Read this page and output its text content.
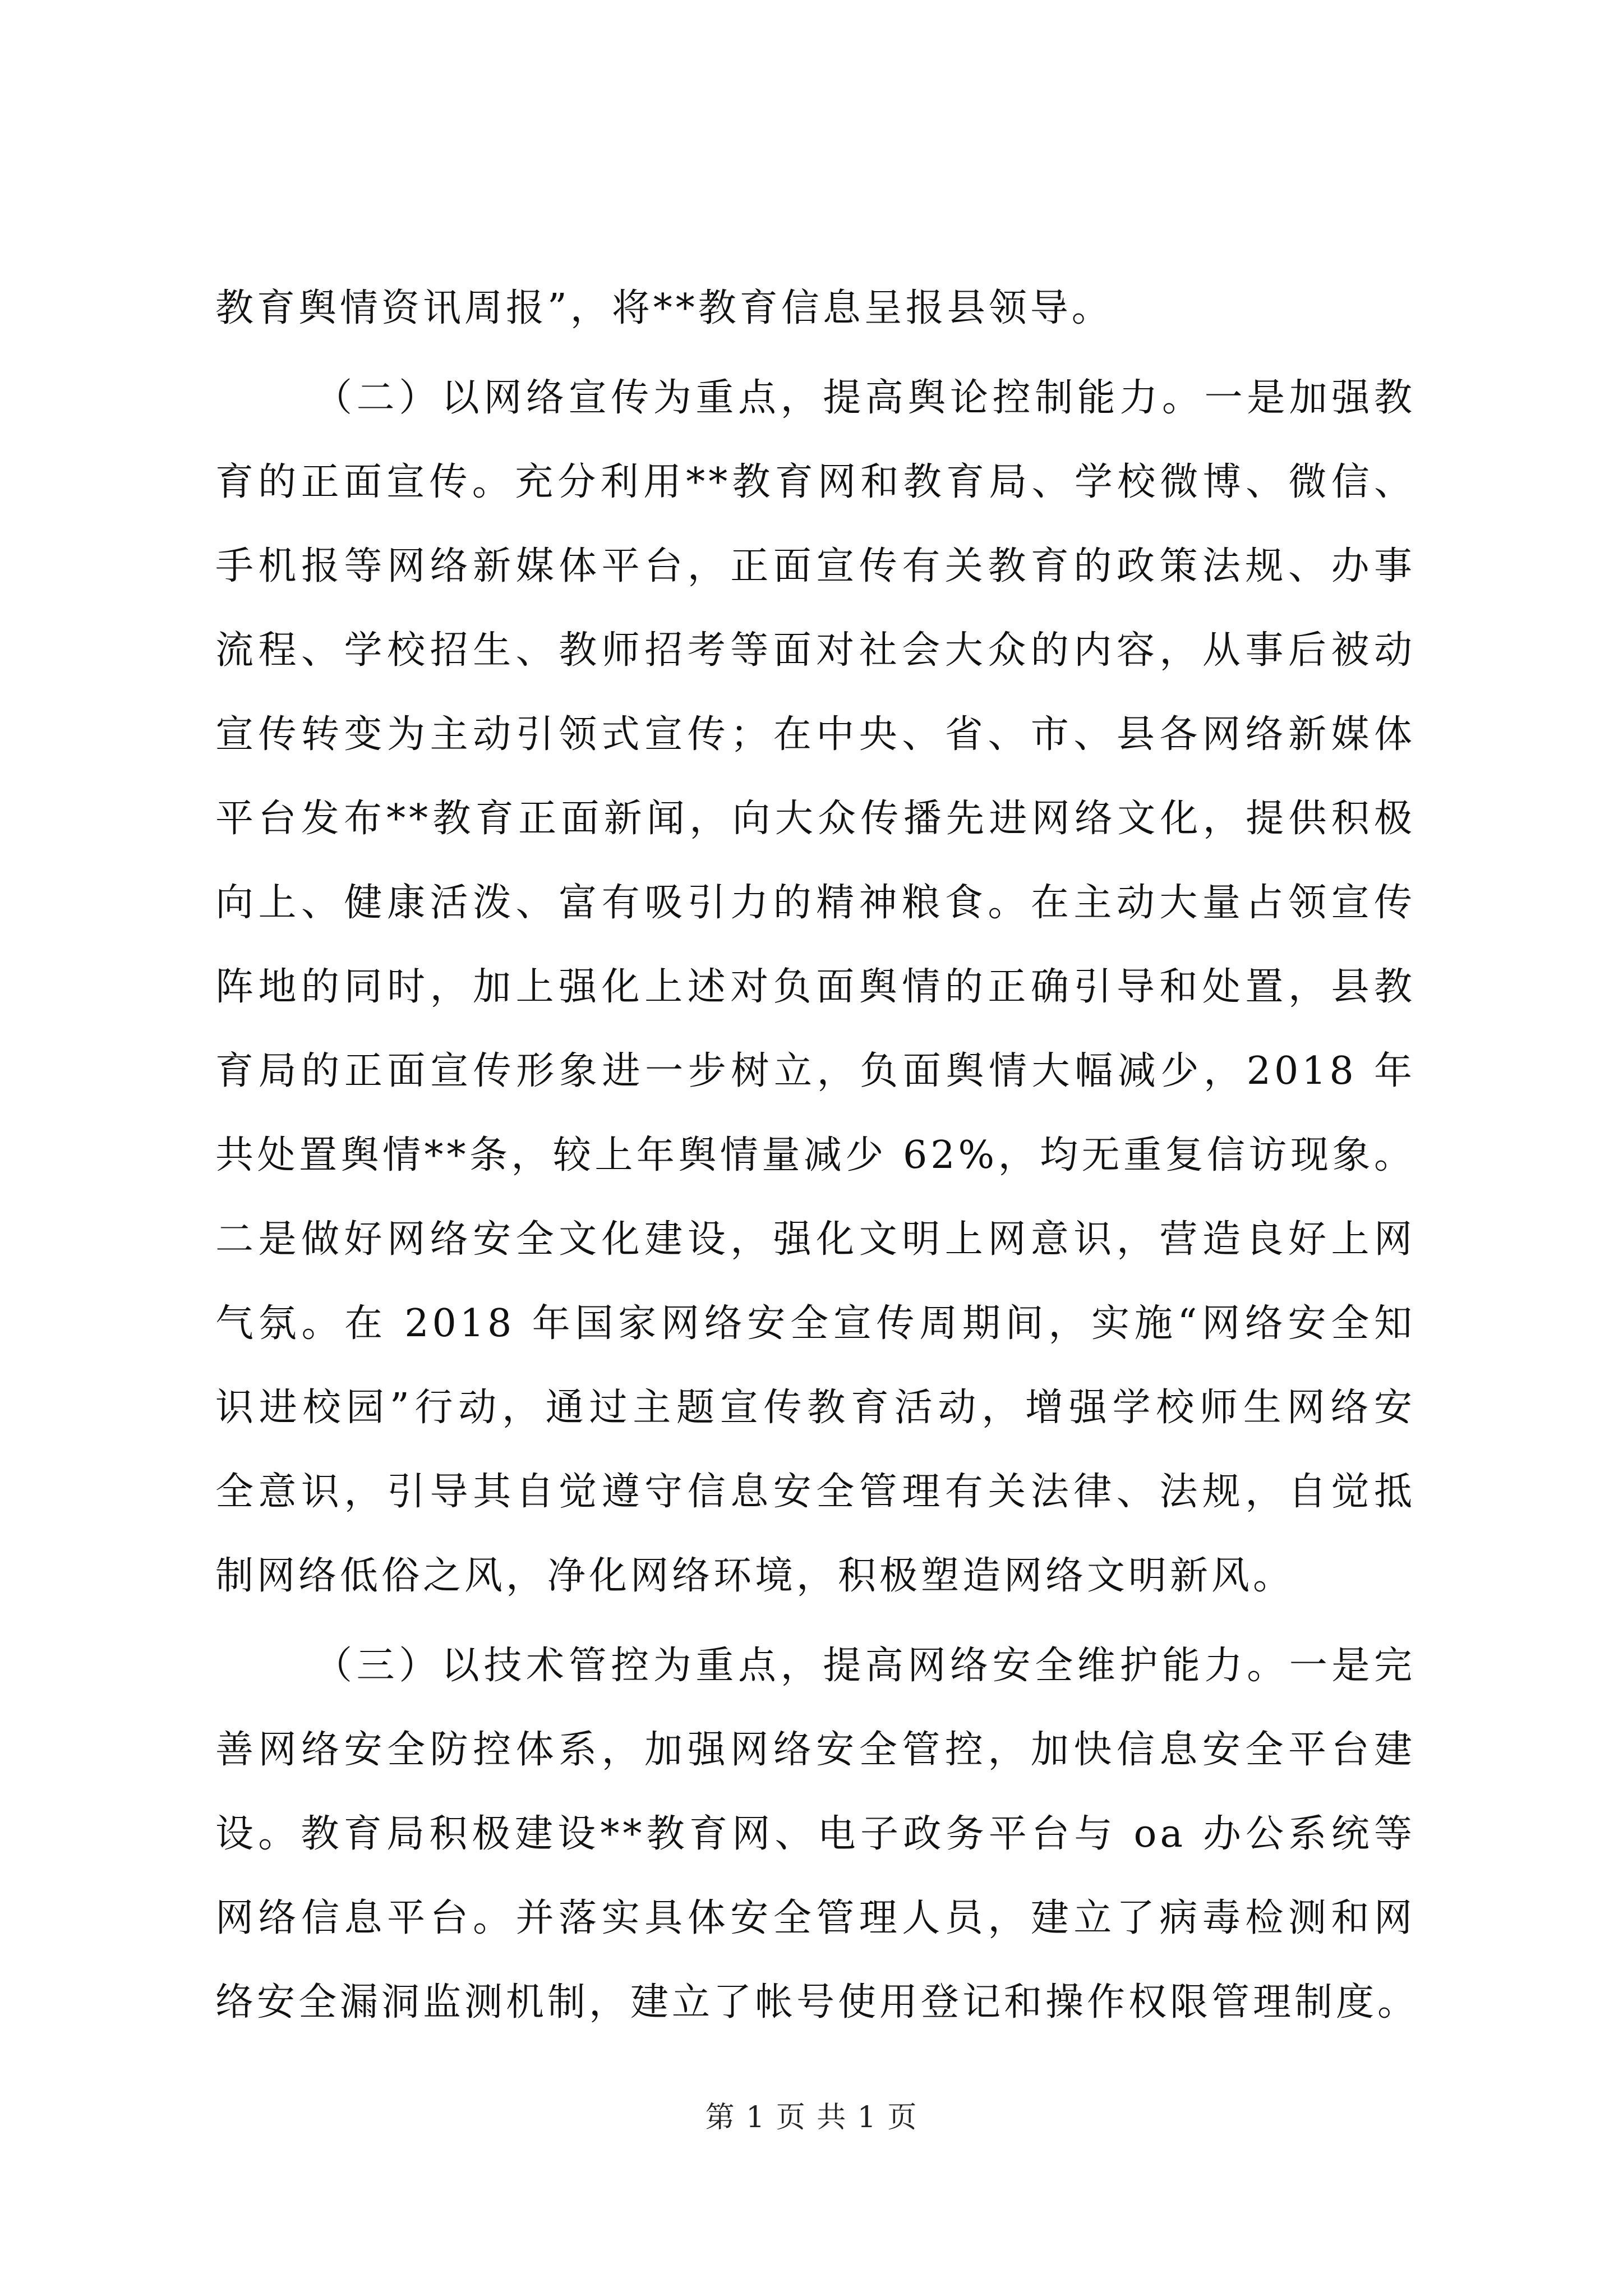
教育舆情资讯周报”，将**教育信息呈报县领导。
（二）以网络宣传为重点，提高舆论控制能力。一是加强教
育的正面宣传。充分利用**教育网和教育局、学校微博、微信、
手机报等网络新媒体平台，正面宣传有关教育的政策法规、办事
流程、学校招生、教师招考等面对社会大众的内容，从事后被动
宣传转变为主动引领式宣传；在中央、省、市、县各网络新媒体
平台发布**教育正面新闻，向大众传播先进网络文化，提供积极
向上、健康活泼、富有吸引力的精神粮食。在主动大量占领宣传
阵地的同时，加上强化上述对负面舆情的正确引导和处置，县教
育局的正面宣传形象进一步树立，负面舆情大幅减少，2018 年
共处置舆情**条，较上年舆情量减少 62%，均无重复信访现象。
二是做好网络安全文化建设，强化文明上网意识，营造良好上网
气氛。在 2018 年国家网络安全宣传周期间，实施“网络安全知
识进校园”行动，通过主题宣传教育活动，增强学校师生网络安
全意识，引导其自觉遵守信息安全管理有关法律、法规，自觉抵
制网络低俗之风，净化网络环境，积极塑造网络文明新风。
（三）以技术管控为重点，提高网络安全维护能力。一是完
善网络安全防控体系，加强网络安全管控，加快信息安全平台建
设。教育局积极建设**教育网、电子政务平台与 oa 办公系统等
网络信息平台。并落实具体安全管理人员，建立了病毒检测和网
络安全漏洞监测机制，建立了帐号使用登记和操作权限管理制度。
第 1 页 共 1 页
